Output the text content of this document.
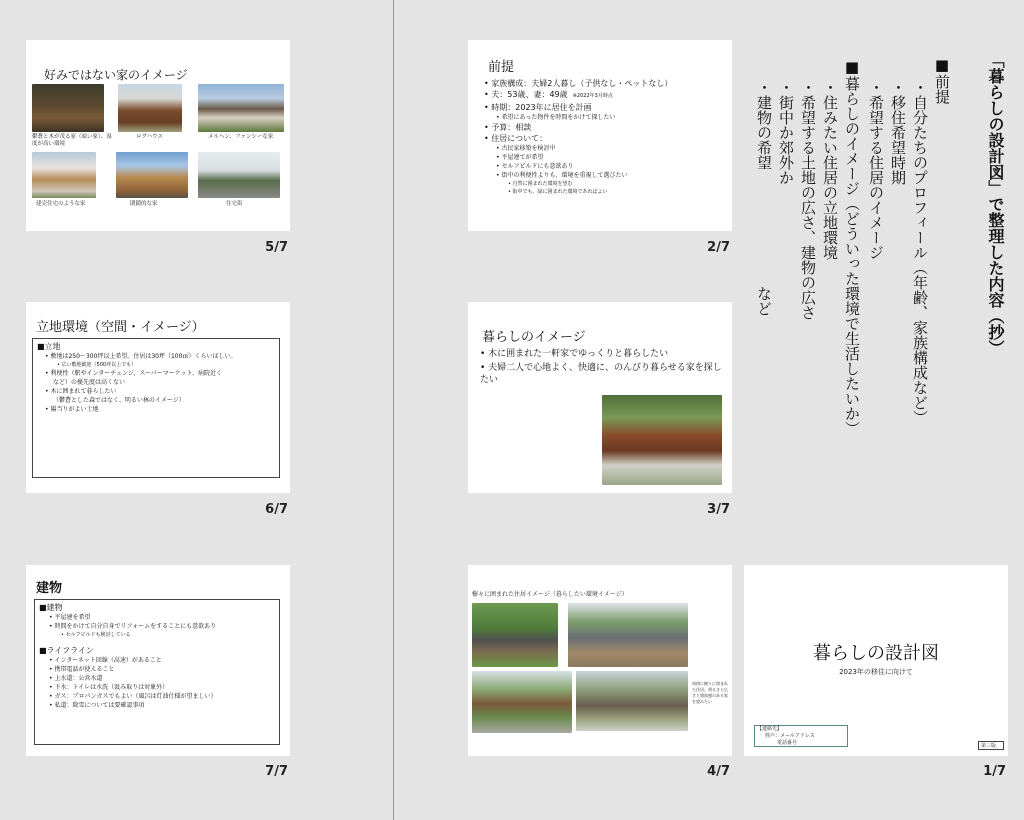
好みではない家のイメージ
鬱蒼と木が茂る家（暗い家）、湿度が高い環境
ログハウス	メルヘン、ファンシーな家
建売住宅のような家	閉鎖的な家	住宅街
5/7
前提
• 家族構成：夫婦2人暮し（子供なし・ペットなし）
• 夫：53歳、妻：49歳 ※2022年3月時点
• 時期：2023年に居住を計画
• 希望にあった物件を時間をかけて探したい
• 予算：相談
• 住居について：
• 古民家移築を検討中
• 平屋建てが希望
• セルフビルドにも意欲あり
• 街中の利便性よりも、環境を重視して選びたい
• 自然に囲まれた環境を望む
• 街中でも、緑に囲まれた環境であればよい
2/7	「暮らしの設計図」で整理した内容（抄）
■前提
・自分たちのプロフィール（年齢、家族構成など）
・移住希望時期
・希望する住居のイメージ
■暮らしのイメージ（どういった環境で生活したいか）
・住みたい住居の立地環境
・希望する土地の広さ、建物の広さ
・街中か郊外か
・建物の希望
など
立地環境（空間・イメージ）
■立地
• 敷地は250〜300坪以上希望。住居は30坪（100㎡）くらいほしい。
• 広い敷地歓迎（500坪以上でも）
• 利便性（駅やインターチェンジ、スーパーマーケット、病院近く
など）の優先度は高くない
• 木に囲まれて暮らしたい
（鬱蒼とした森ではなく、明るい林のイメージ）
• 陽当りがよい土地
6/7
暮らしのイメージ
• 木に囲まれた一軒家でゆっくりと暮らしたい
• 夫婦二人で心地よく、快適に、のんびり暮らせる家を探したい
3/7
建物
■建物
• 平屋建を希望
• 時間をかけて自分自身でリフォームをすることにも意欲あり
• セルフビルドも検討している
■ライフライン
• インターネット回線（高速）があること
• 携帯電話が使えること
• 上水道：公営水道
• 下水：トイレは水洗（汲み取りは対象外）
• ガス：プロパンガスでもよい（風呂は灯油仕様が望ましい）
• 私道：除雪については要確認事項
7/7
樹々に囲まれた住居イメージ（暮らしたい環境イメージ）
周囲に樹々に囲まれた住居。明るさと広さと開放感のある家を望みたい
4/7
暮らしの設計図
2023年の移住に向けて
【連絡先】
姓戸：メールアドレス
電話番号	第三版
1/7
